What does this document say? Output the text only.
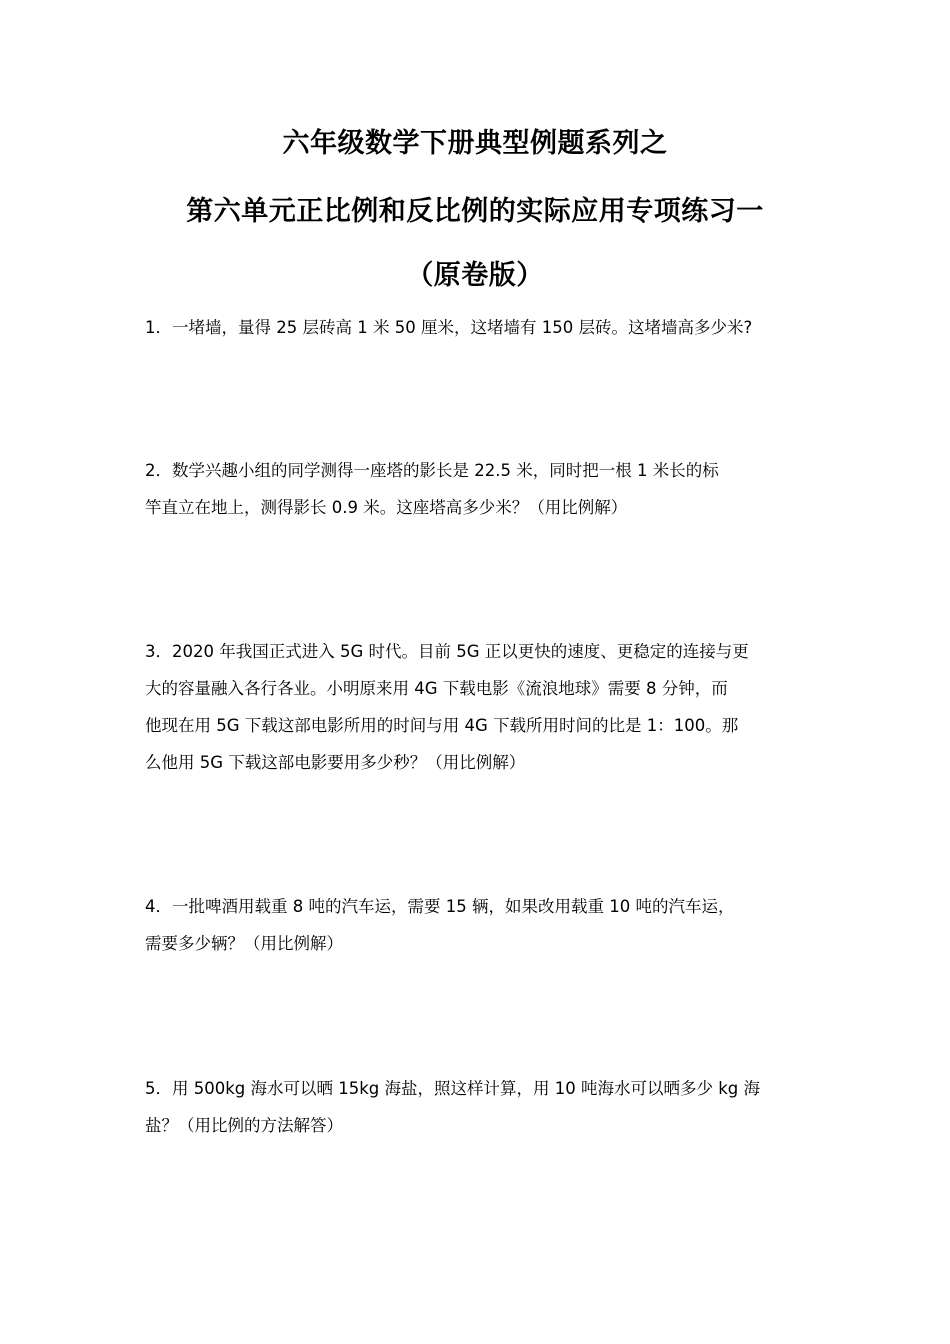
六年级数学下册典型例题系列之
第六单元正比例和反比例的实际应用专项练习一
（原卷版）
1．一堵墙，量得 25 层砖高 1 米 50 厘米，这堵墙有 150 层砖。这堵墙高多少米?
2．数学兴趣小组的同学测得一座塔的影长是 22.5 米，同时把一根 1 米长的标
竿直立在地上，测得影长 0.9 米。这座塔高多少米？（用比例解）
3．2020 年我国正式进入 5G 时代。目前 5G 正以更快的速度、更稳定的连接与更
大的容量融入各行各业。小明原来用 4G 下载电影《流浪地球》需要 8 分钟，而
他现在用 5G 下载这部电影所用的时间与用 4G 下载所用时间的比是 1：100。那
么他用 5G 下载这部电影要用多少秒？（用比例解）
4．一批啤酒用载重 8 吨的汽车运，需要 15 辆，如果改用载重 10 吨的汽车运，
需要多少辆？（用比例解）
5．用 500kg 海水可以晒 15kg 海盐，照这样计算，用 10 吨海水可以晒多少 kg 海
盐？（用比例的方法解答）
